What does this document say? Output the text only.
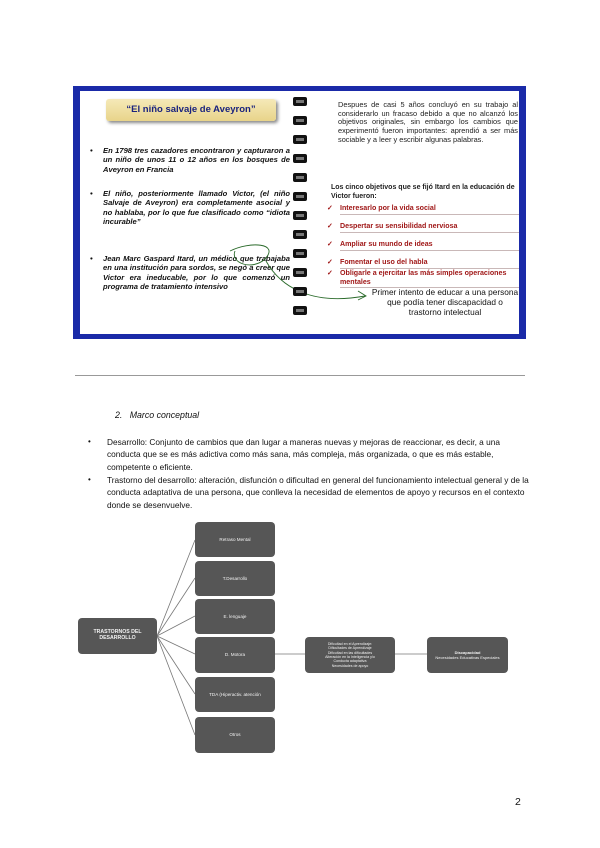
“El niño salvaje de Aveyron”
• En 1798 tres cazadores encontraron y capturaron a un niño de unos 11 o 12 años en los bosques de Aveyron en Francia
• El niño, posteriormente llamado Victor, (el niño Salvaje de Aveyron) era completamente asocial y no hablaba, por lo que fue clasificado como “idiota incurable”
• Jean Marc Gaspard Itard, un médico que trabajaba en una institución para sordos, se negó a creer que Victor era ineducable, por lo que comenzó un programa de tratamiento intensivo
Despues de casi 5 años concluyó en su trabajo al considerarlo un fracaso debido a que no alcanzó los objetivos originales, sin embargo los cambios que experimentó fueron importantes: aprendió a ser más sociable y a leer y escribir algunas palabras.
Los cinco objetivos que se fijó Itard en la educación de Victor fueron:
✓ Interesarlo por la vida social
✓ Despertar su sensibilidad nerviosa
✓ Ampliar su mundo de ideas
✓ Fomentar el uso del habla
✓ Obligarle a ejercitar las más simples operaciones mentales
Primer intento de educar a una persona que podía tener discapacidad o trastorno intelectual
2. Marco conceptual
• Desarrollo: Conjunto de cambios que dan lugar a maneras nuevas y mejoras de reaccionar, es decir, a una conducta que se es más adictiva como más sana, más compleja, más organizada, o que es más estable, competente o eficiente.
• Trastorno del desarrollo: alteración, disfunción o dificultad en general del funcionamiento intelectual general y de la conducta adaptativa de una persona, que conlleva la necesidad de elementos de apoyo y recursos en el contexto donde se desenvuelve.
TRASTORNOS DEL DESARROLLO
Retraso Mental
T.Desarrollo
E. lenguaje
D. Motora
TDA (Hiperactiv. atención
Otros
Dificultad en el Aprendizaje:
Dificultades de Aprendizaje
Dificultad en las dificultades
Alteración en la Inteligencia y/o
Conducta adaptativa
Necesidades de apoyo
Discapacidad
Necesidades Educativas Especiales
2
